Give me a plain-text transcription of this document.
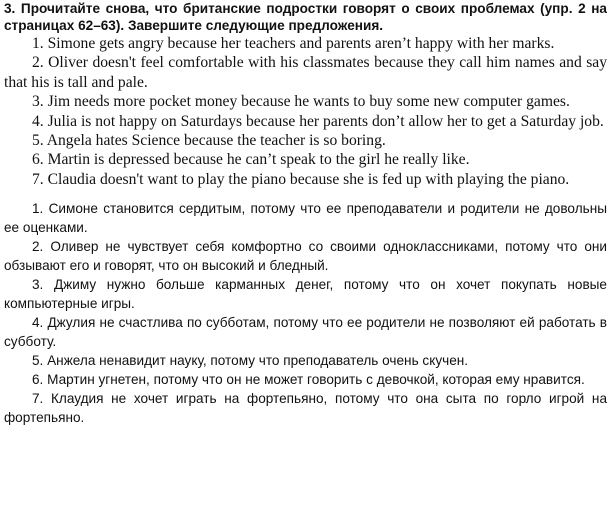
3. Прочитайте снова, что британские подростки говорят о своих проблемах (упр. 2 на страницах 62–63). Завершите следующие предложения.

1. Simone gets angry because her teachers and parents aren’t happy with her marks.

2. Oliver doesn't feel comfortable with his classmates because they call him names and say that his is tall and pale.

3. Jim needs more pocket money because he wants to buy some new computer games.

4. Julia is not happy on Saturdays because her parents don’t allow her to get a Saturday job.

5. Angela hates Science because the teacher is so boring.

6. Martin is depressed because he can’t speak to the girl he really like.

7. Claudia doesn't want to play the piano because she is fed up with playing the piano.

1. Симоне становится сердитым, потому что ее преподаватели и родители не довольны ее оценками.

2. Оливер не чувствует себя комфортно со своими одноклассниками, потому что они обзывают его и говорят, что он высокий и бледный.

3. Джиму нужно больше карманных денег, потому что он хочет покупать новые компьютерные игры.

4. Джулия не счастлива по субботам, потому что ее родители не позволяют ей работать в субботу.

5. Анжела ненавидит науку, потому что преподаватель очень скучен.

6. Мартин угнетен, потому что он не может говорить с девочкой, которая ему нравится.

7. Клаудия не хочет играть на фортепьяно, потому что она сыта по горло игрой на фортепьяно.
